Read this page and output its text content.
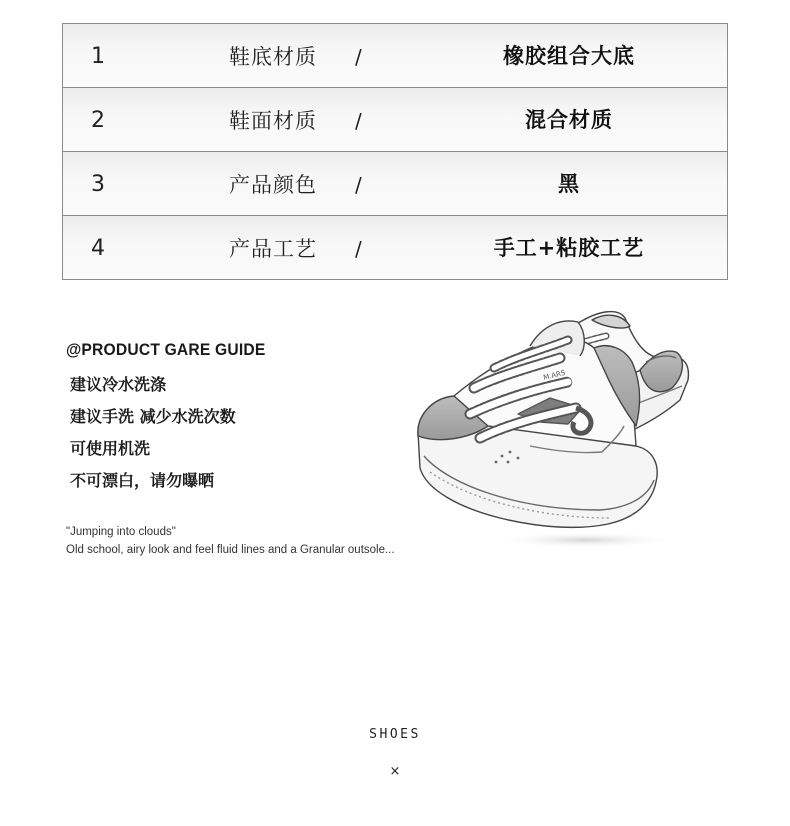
1	鞋底材质 /	橡胶组合大底
2	鞋面材质 /	混合材质
3	产品颜色 /	黑
4	产品工艺 /	手工+粘胶工艺
@PRODUCT GARE GUIDE
建议冷水洗涤
建议手洗 减少水洗次数
可使用机洗
不可漂白，请勿曝晒
"Jumping into clouds"
Old school, airy look and feel fluid lines and a Granular outsole...
M.ARS
SHOES
×
